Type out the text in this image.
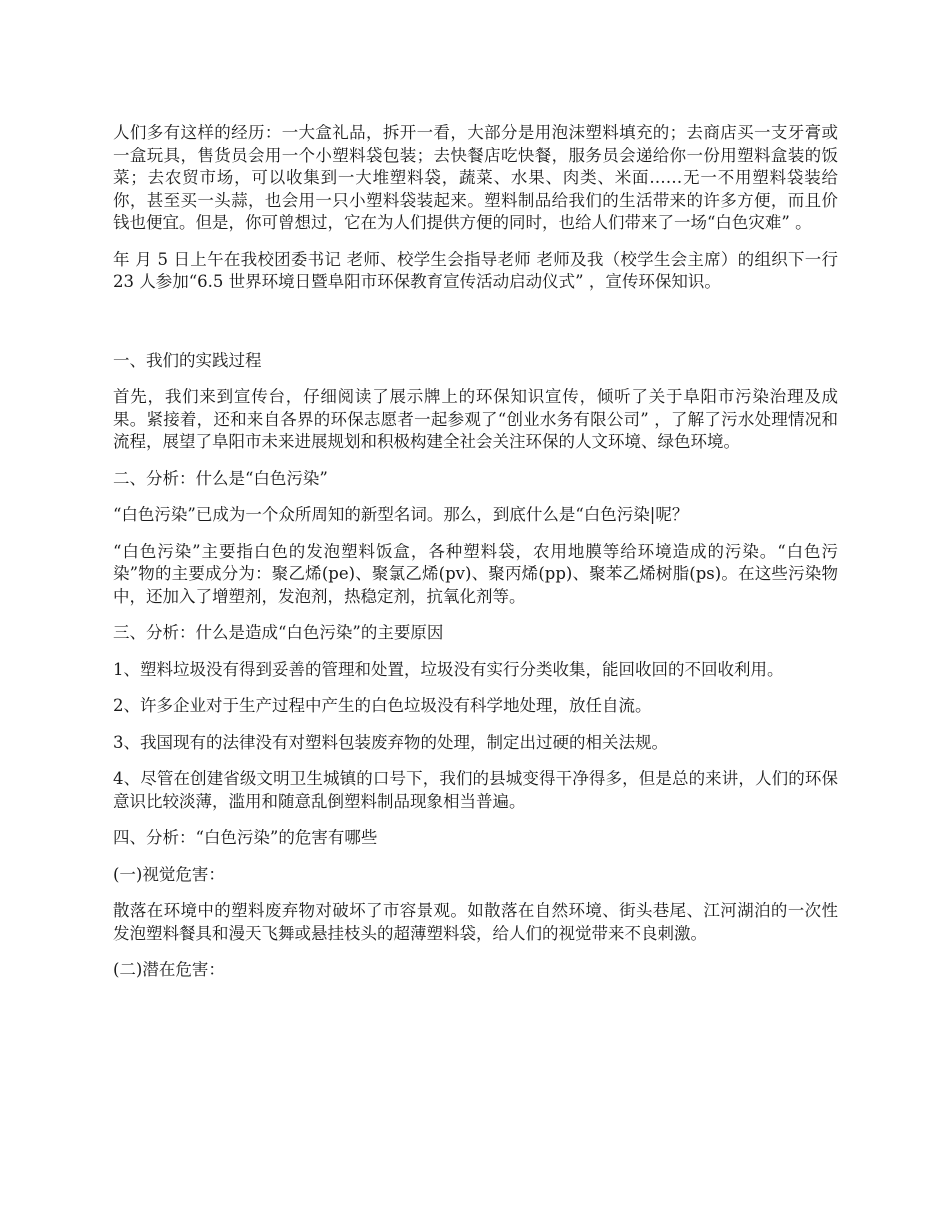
人们多有这样的经历：一大盒礼品，拆开一看，大部分是用泡沫塑料填充的；去商店买一支牙膏或一盒玩具，售货员会用一个小塑料袋包装；去快餐店吃快餐，服务员会递给你一份用塑料盒装的饭菜；去农贸市场，可以收集到一大堆塑料袋，蔬菜、水果、肉类、米面……无一不用塑料袋装给你，甚至买一头蒜，也会用一只小塑料袋装起来。塑料制品给我们的生活带来的许多方便，而且价钱也便宜。但是，你可曾想过，它在为人们提供方便的同时，也给人们带来了一场“白色灾难” 。

年 月 5 日上午在我校团委书记 老师、校学生会指导老师 老师及我（校学生会主席）的组织下一行 23 人参加“6.5 世界环境日暨阜阳市环保教育宣传活动启动仪式” ，宣传环保知识。

一、我们的实践过程

首先，我们来到宣传台，仔细阅读了展示牌上的环保知识宣传，倾听了关于阜阳市污染治理及成果。紧接着，还和来自各界的环保志愿者一起参观了“创业水务有限公司” ，了解了污水处理情况和流程，展望了阜阳市未来进展规划和积极构建全社会关注环保的人文环境、绿色环境。

二、分析：什么是“白色污染”

“白色污染”已成为一个众所周知的新型名词。那么，到底什么是“白色污染|呢？

“白色污染”主要指白色的发泡塑料饭盒，各种塑料袋，农用地膜等给环境造成的污染。“白色污染”物的主要成分为：聚乙烯(pe)、聚氯乙烯(pv)、聚丙烯(pp)、聚苯乙烯树脂(ps)。在这些污染物中，还加入了增塑剂，发泡剂，热稳定剂，抗氧化剂等。

三、分析：什么是造成“白色污染”的主要原因

1、塑料垃圾没有得到妥善的管理和处置，垃圾没有实行分类收集，能回收回的不回收利用。

2、许多企业对于生产过程中产生的白色垃圾没有科学地处理，放任自流。

3、我国现有的法律没有对塑料包装废弃物的处理，制定出过硬的相关法规。

4、尽管在创建省级文明卫生城镇的口号下，我们的县城变得干净得多，但是总的来讲，人们的环保意识比较淡薄，滥用和随意乱倒塑料制品现象相当普遍。

四、分析：“白色污染”的危害有哪些

(一)视觉危害：

散落在环境中的塑料废弃物对破坏了市容景观。如散落在自然环境、街头巷尾、江河湖泊的一次性发泡塑料餐具和漫天飞舞或悬挂枝头的超薄塑料袋，给人们的视觉带来不良刺激。

(二)潜在危害：
